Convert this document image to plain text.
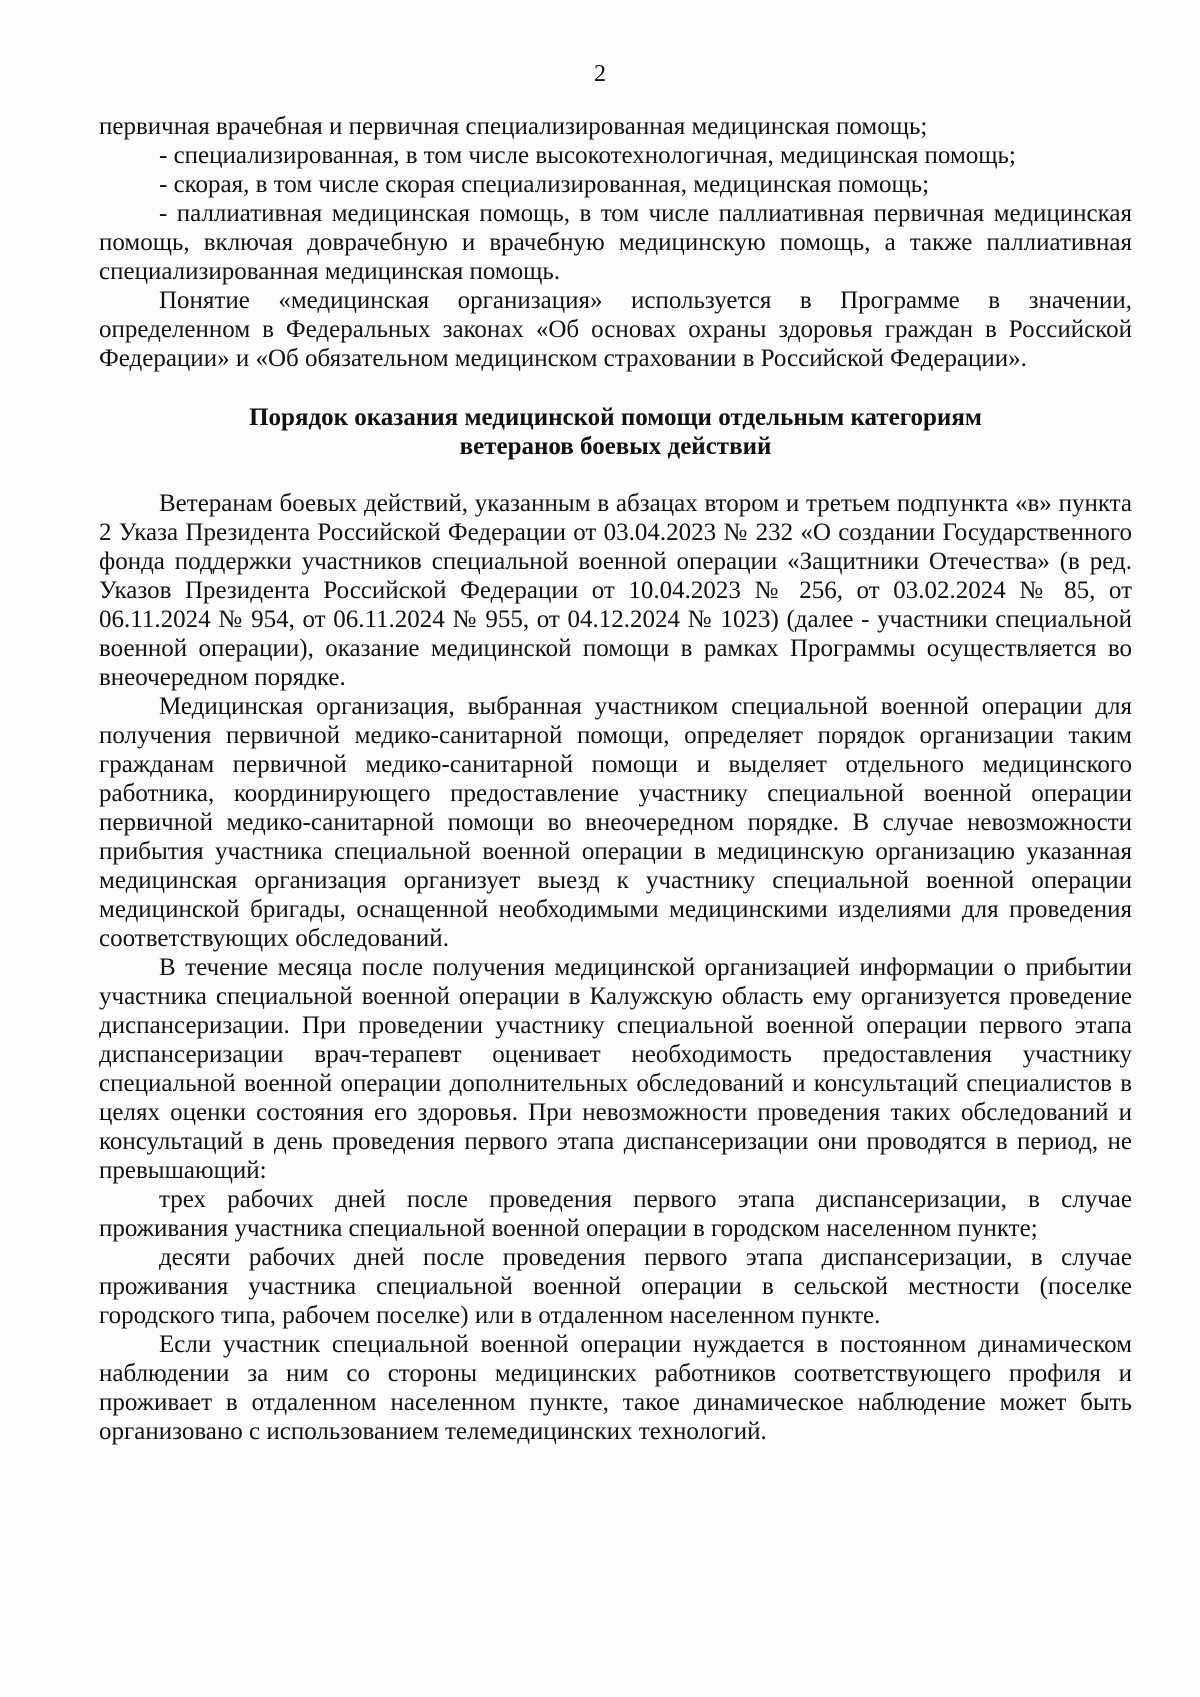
2

первичная врачебная и первичная специализированная медицинская помощь;

- специализированная, в том числе высокотехнологичная, медицинская помощь;

- скорая, в том числе скорая специализированная, медицинская помощь;

- паллиативная медицинская помощь, в том числе паллиативная первичная медицинская помощь, включая доврачебную и врачебную медицинскую помощь, а также паллиативная специализированная медицинская помощь.

Понятие «медицинская организация» используется в Программе в значении, определенном в Федеральных законах «Об основах охраны здоровья граждан в Российской Федерации» и «Об обязательном медицинском страховании в Российской Федерации».

Порядок оказания медицинской помощи отдельным категориям
ветеранов боевых действий

Ветеранам боевых действий, указанным в абзацах втором и третьем подпункта «в» пункта 2 Указа Президента Российской Федерации от 03.04.2023 № 232 «О создании Государственного фонда поддержки участников специальной военной операции «Защитники Отечества» (в ред. Указов Президента Российской Федерации от 10.04.2023 № 256, от 03.02.2024 № 85, от 06.11.2024 № 954, от 06.11.2024 № 955, от 04.12.2024 № 1023) (далее - участники специальной военной операции), оказание медицинской помощи в рамках Программы осуществляется во внеочередном порядке.

Медицинская организация, выбранная участником специальной военной операции для получения первичной медико-санитарной помощи, определяет порядок организации таким гражданам первичной медико-санитарной помощи и выделяет отдельного медицинского работника, координирующего предоставление участнику специальной военной операции первичной медико-санитарной помощи во внеочередном порядке. В случае невозможности прибытия участника специальной военной операции в медицинскую организацию указанная медицинская организация организует выезд к участнику специальной военной операции медицинской бригады, оснащенной необходимыми медицинскими изделиями для проведения соответствующих обследований.

В течение месяца после получения медицинской организацией информации о прибытии участника специальной военной операции в Калужскую область ему организуется проведение диспансеризации. При проведении участнику специальной военной операции первого этапа диспансеризации врач-терапевт оценивает необходимость предоставления участнику специальной военной операции дополнительных обследований и консультаций специалистов в целях оценки состояния его здоровья. При невозможности проведения таких обследований и консультаций в день проведения первого этапа диспансеризации они проводятся в период, не превышающий:

трех рабочих дней после проведения первого этапа диспансеризации, в случае проживания участника специальной военной операции в городском населенном пункте;

десяти рабочих дней после проведения первого этапа диспансеризации, в случае проживания участника специальной военной операции в сельской местности (поселке городского типа, рабочем поселке) или в отдаленном населенном пункте.

Если участник специальной военной операции нуждается в постоянном динамическом наблюдении за ним со стороны медицинских работников соответствующего профиля и проживает в отдаленном населенном пункте, такое динамическое наблюдение может быть организовано с использованием телемедицинских технологий.
